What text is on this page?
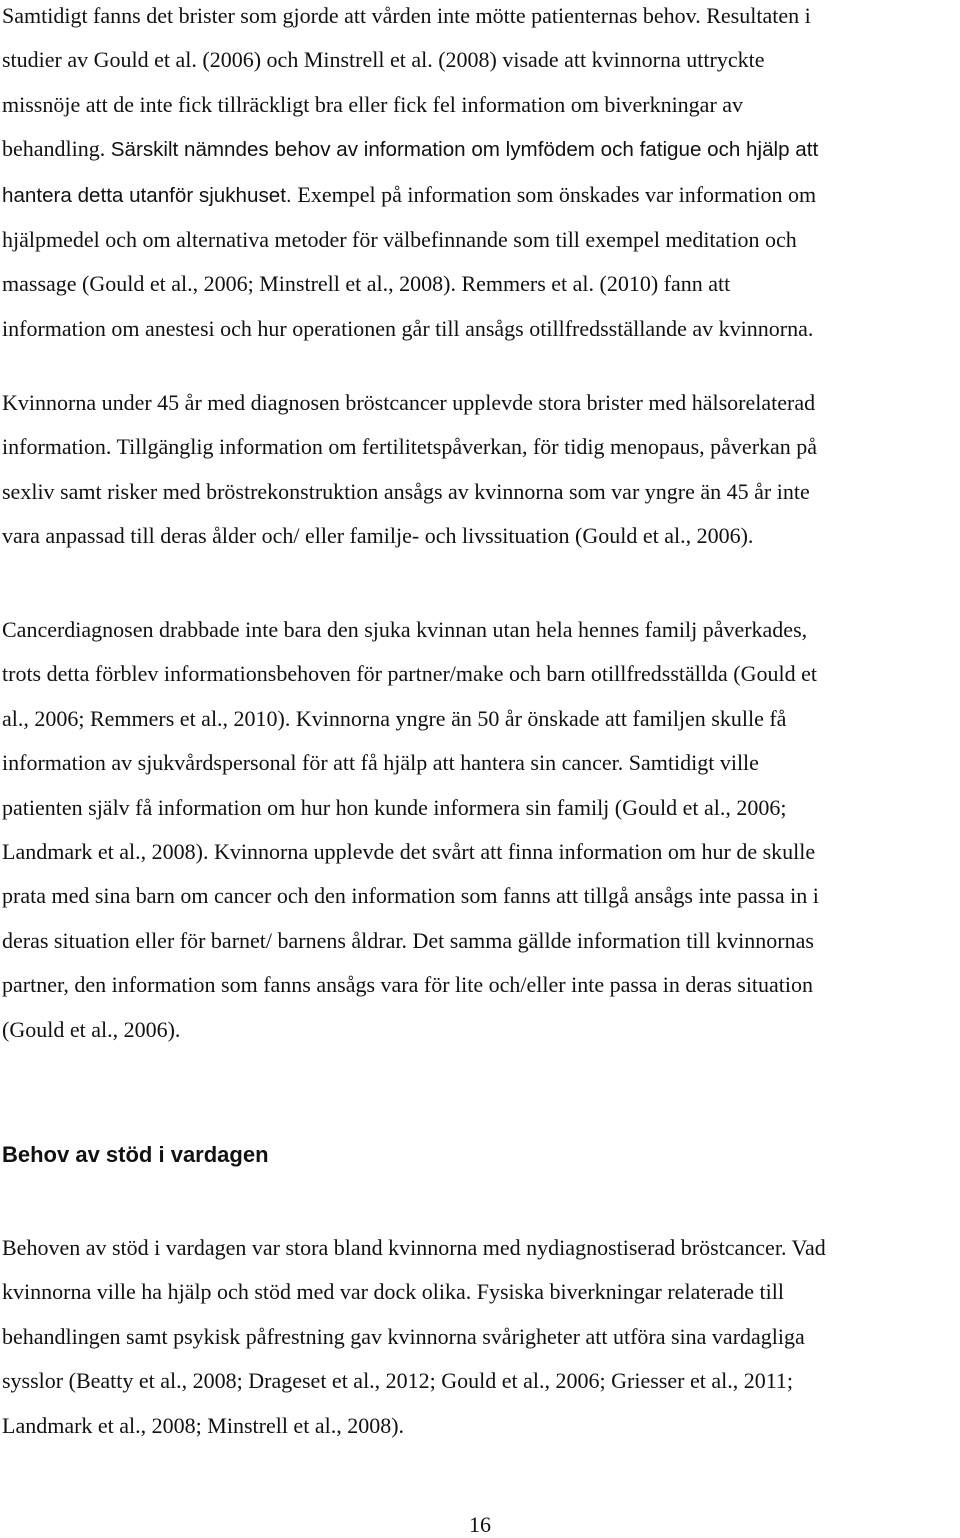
Samtidigt fanns det brister som gjorde att vården inte mötte patienternas behov. Resultaten i
studier av Gould et al. (2006) och Minstrell et al. (2008) visade att kvinnorna uttryckte
missnöje att de inte fick tillräckligt bra eller fick fel information om biverkningar av
behandling. Särskilt nämndes behov av information om lymfödem och fatigue och hjälp att
hantera detta utanför sjukhuset. Exempel på information som önskades var information om
hjälpmedel och om alternativa metoder för välbefinnande som till exempel meditation och
massage (Gould et al., 2006; Minstrell et al., 2008). Remmers et al. (2010) fann att
information om anestesi och hur operationen går till ansågs otillfredsställande av kvinnorna.

Kvinnorna under 45 år med diagnosen bröstcancer upplevde stora brister med hälsorelaterad
information. Tillgänglig information om fertilitetspåverkan, för tidig menopaus, påverkan på
sexliv samt risker med bröstrekonstruktion ansågs av kvinnorna som var yngre än 45 år inte
vara anpassad till deras ålder och/ eller familje- och livssituation (Gould et al., 2006).

Cancerdiagnosen drabbade inte bara den sjuka kvinnan utan hela hennes familj påverkades,
trots detta förblev informationsbehoven för partner/make och barn otillfredsställda (Gould et
al., 2006; Remmers et al., 2010). Kvinnorna yngre än 50 år önskade att familjen skulle få
information av sjukvårdspersonal för att få hjälp att hantera sin cancer. Samtidigt ville
patienten själv få information om hur hon kunde informera sin familj (Gould et al., 2006;
Landmark et al., 2008). Kvinnorna upplevde det svårt att finna information om hur de skulle
prata med sina barn om cancer och den information som fanns att tillgå ansågs inte passa in i
deras situation eller för barnet/ barnens åldrar. Det samma gällde information till kvinnornas
partner, den information som fanns ansågs vara för lite och/eller inte passa in deras situation
(Gould et al., 2006).

Behov av stöd i vardagen

Behoven av stöd i vardagen var stora bland kvinnorna med nydiagnostiserad bröstcancer. Vad
kvinnorna ville ha hjälp och stöd med var dock olika. Fysiska biverkningar relaterade till
behandlingen samt psykisk påfrestning gav kvinnorna svårigheter att utföra sina vardagliga
sysslor (Beatty et al., 2008; Drageset et al., 2012; Gould et al., 2006; Griesser et al., 2011;
Landmark et al., 2008; Minstrell et al., 2008).

16
